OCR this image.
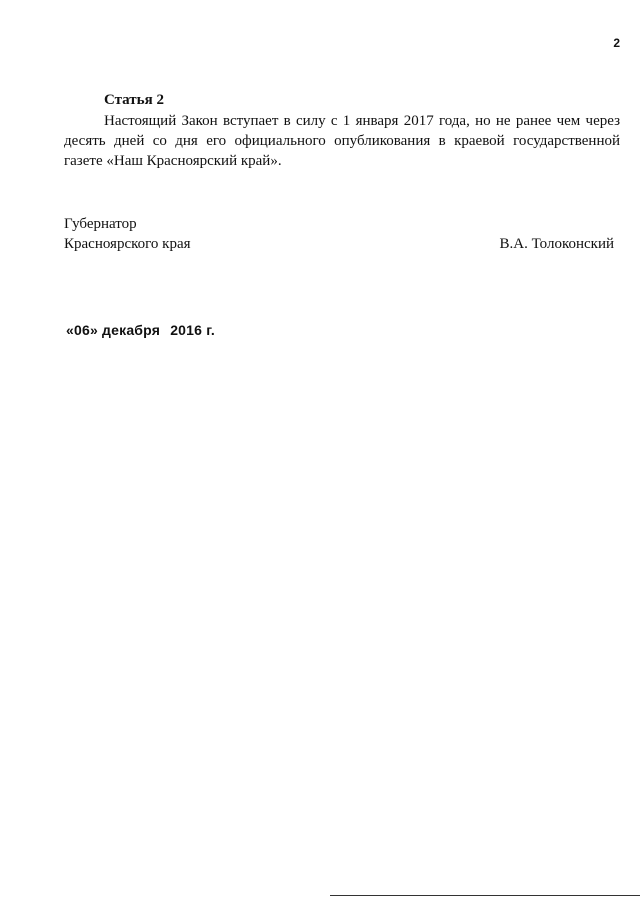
2
Статья 2

Настоящий Закон вступает в силу с 1 января 2017 года, но не ранее чем через десять дней со дня его официального опубликования в краевой государственной газете «Наш Красноярский край».

Губернатор
Красноярского края	В.А. Толоконский
«06» декабря 2016 г.
